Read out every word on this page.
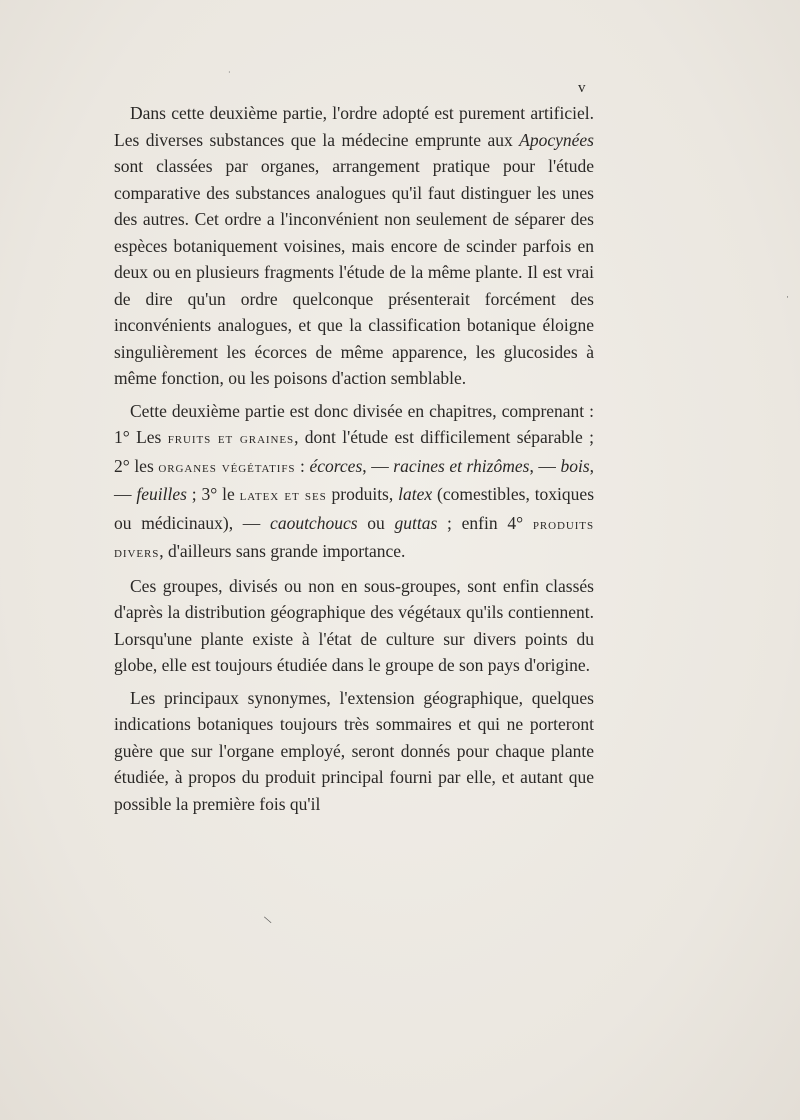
v

Dans cette deuxième partie, l'ordre adopté est purement artificiel. Les diverses substances que la médecine emprunte aux Apocynées sont classées par organes, arrangement pratique pour l'étude comparative des substances analogues qu'il faut distinguer les unes des autres. Cet ordre a l'inconvénient non seulement de séparer des espèces botaniquement voisines, mais encore de scinder parfois en deux ou en plusieurs fragments l'étude de la même plante. Il est vrai de dire qu'un ordre quelconque présenterait forcément des inconvénients analogues, et que la classification botanique éloigne singulièrement les écorces de même apparence, les glucosides à même fonction, ou les poisons d'action semblable.

Cette deuxième partie est donc divisée en chapitres, comprenant : 1° Les fruits et graines, dont l'étude est difficilement séparable ; 2° les organes végétatifs : écorces, — racines et rhizômes, — bois, — feuilles ; 3° le latex et ses produits, latex (comestibles, toxiques ou médicinaux), — caoutchoucs ou guttas ; enfin 4° produits divers, d'ailleurs sans grande importance.

Ces groupes, divisés ou non en sous-groupes, sont enfin classés d'après la distribution géographique des végétaux qu'ils contiennent. Lorsqu'une plante existe à l'état de culture sur divers points du globe, elle est toujours étudiée dans le groupe de son pays d'origine.

Les principaux synonymes, l'extension géographique, quelques indications botaniques toujours très sommaires et qui ne porteront guère que sur l'organe employé, seront donnés pour chaque plante étudiée, à propos du produit principal fourni par elle, et autant que possible la première fois qu'il

·
·
\
